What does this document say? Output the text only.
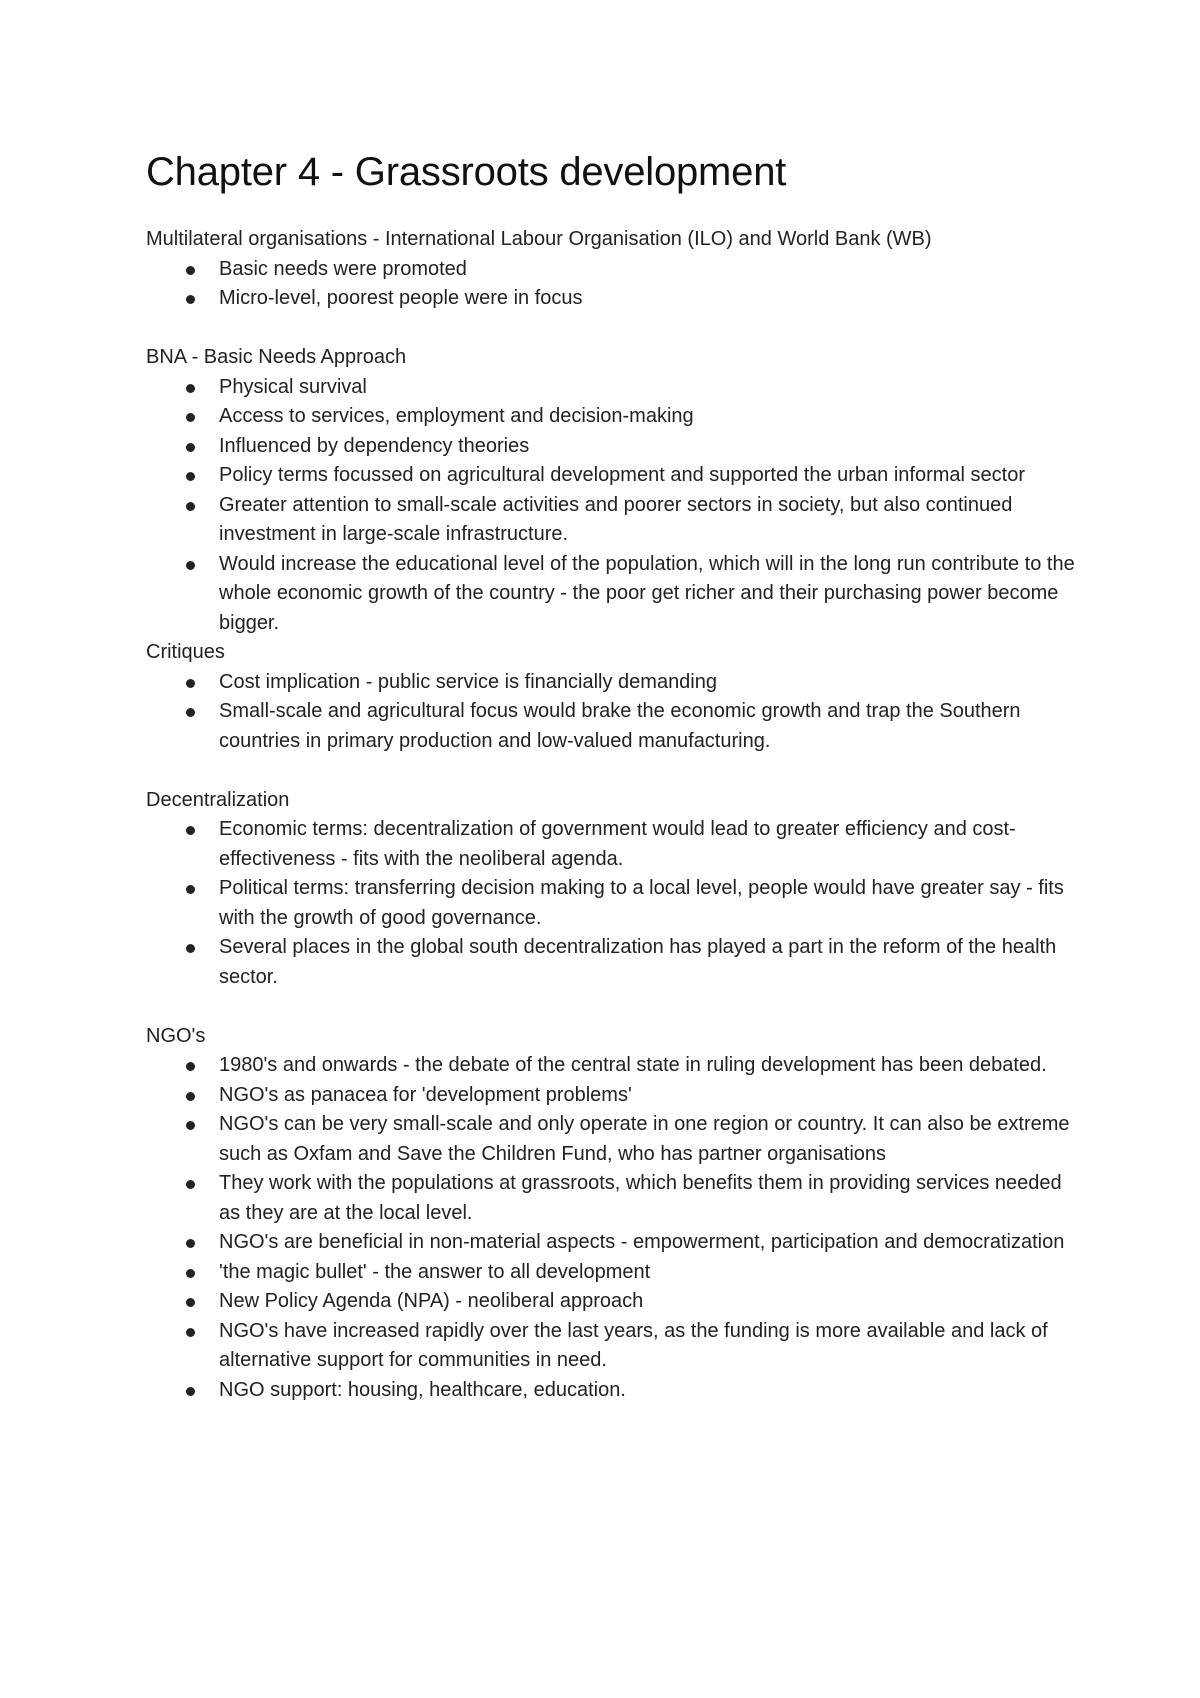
Chapter 4 - Grassroots development

Multilateral organisations - International Labour Organisation (ILO) and World Bank (WB)

Basic needs were promoted
Micro-level, poorest people were in focus

BNA - Basic Needs Approach

Physical survival
Access to services, employment and decision-making
Influenced by dependency theories
Policy terms focussed on agricultural development and supported the urban informal sector
Greater attention to small-scale activities and poorer sectors in society, but also continued investment in large-scale infrastructure.
Would increase the educational level of the population, which will in the long run contribute to the whole economic growth of the country - the poor get richer and their purchasing power become bigger.

Critiques

Cost implication - public service is financially demanding
Small-scale and agricultural focus would brake the economic growth and trap the Southern countries in primary production and low-valued manufacturing.

Decentralization

Economic terms: decentralization of government would lead to greater efficiency and cost-effectiveness - fits with the neoliberal agenda.
Political terms: transferring decision making to a local level, people would have greater say - fits with the growth of good governance.
Several places in the global south decentralization has played a part in the reform of the health sector.

NGO's

1980's and onwards - the debate of the central state in ruling development has been debated.
NGO's as panacea for 'development problems'
NGO's can be very small-scale and only operate in one region or country. It can also be extreme such as Oxfam and Save the Children Fund, who has partner organisations
They work with the populations at grassroots, which benefits them in providing services needed as they are at the local level.
NGO's are beneficial in non-material aspects - empowerment, participation and democratization
'the magic bullet' - the answer to all development
New Policy Agenda (NPA) - neoliberal approach
NGO's have increased rapidly over the last years, as the funding is more available and lack of alternative support for communities in need.
NGO support: housing, healthcare, education.
